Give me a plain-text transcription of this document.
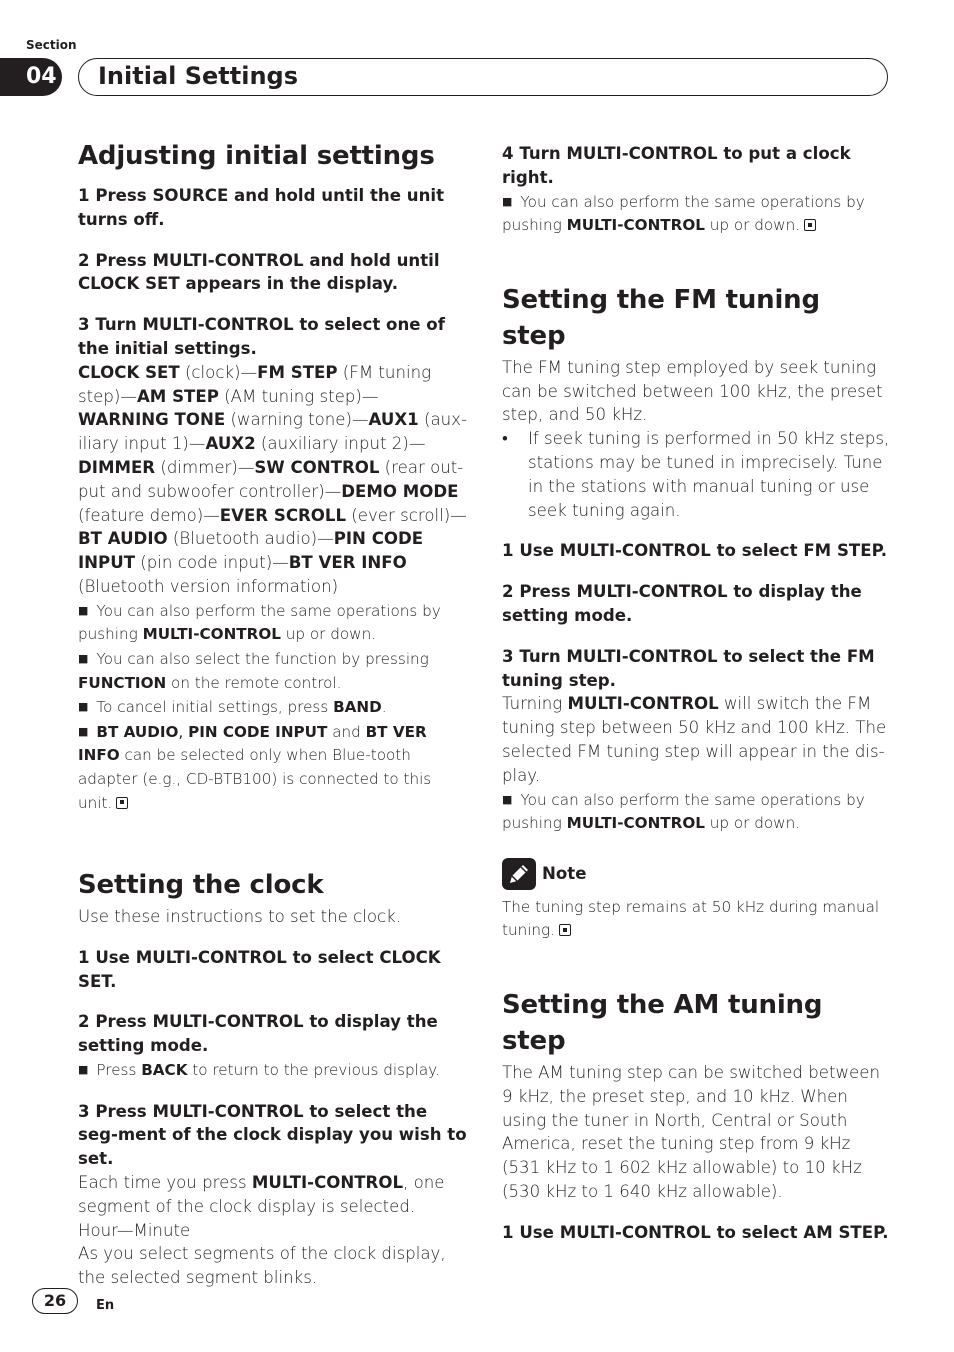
Section
04 Initial Settings
Adjusting initial settings

1 Press SOURCE and hold until the unit turns off.

2 Press MULTI-CONTROL and hold until CLOCK SET appears in the display.

3 Turn MULTI-CONTROL to select one of the initial settings.

CLOCK SET (clock)—FM STEP (FM tuning step)—AM STEP (AM tuning step)—WARNING TONE (warning tone)—AUX1 (aux-iliary input 1)—AUX2 (auxiliary input 2)—DIMMER (dimmer)—SW CONTROL (rear out-put and subwoofer controller)—DEMO MODE (feature demo)—EVER SCROLL (ever scroll)—BT AUDIO (Bluetooth audio)—PIN CODE INPUT (pin code input)—BT VER INFO (Bluetooth version information)

■ You can also perform the same operations by pushing MULTI-CONTROL up or down.

■ You can also select the function by pressing FUNCTION on the remote control.

■ To cancel initial settings, press BAND.

■ BT AUDIO, PIN CODE INPUT and BT VER INFO can be selected only when Blue-tooth adapter (e.g., CD-BTB100) is connected to this unit.

Setting the clock

Use these instructions to set the clock.

1 Use MULTI-CONTROL to select CLOCK SET.

2 Press MULTI-CONTROL to display the setting mode.

■ Press BACK to return to the previous display.

3 Press MULTI-CONTROL to select the seg-ment of the clock display you wish to set.

Each time you press MULTI-CONTROL, one segment of the clock display is selected.

Hour—Minute

As you select segments of the clock display, the selected segment blinks.

4 Turn MULTI-CONTROL to put a clock right.

■ You can also perform the same operations by pushing MULTI-CONTROL up or down.

Setting the FM tuning step

The FM tuning step employed by seek tuning can be switched between 100 kHz, the preset step, and 50 kHz.

• If seek tuning is performed in 50 kHz steps, stations may be tuned in imprecisely. Tune in the stations with manual tuning or use seek tuning again.

1 Use MULTI-CONTROL to select FM STEP.

2 Press MULTI-CONTROL to display the setting mode.

3 Turn MULTI-CONTROL to select the FM tuning step.

Turning MULTI-CONTROL will switch the FM tuning step between 50 kHz and 100 kHz. The selected FM tuning step will appear in the dis-play.

■ You can also perform the same operations by pushing MULTI-CONTROL up or down.

Note

The tuning step remains at 50 kHz during manual tuning.

Setting the AM tuning step

The AM tuning step can be switched between 9 kHz, the preset step, and 10 kHz. When using the tuner in North, Central or South America, reset the tuning step from 9 kHz (531 kHz to 1 602 kHz allowable) to 10 kHz (530 kHz to 1 640 kHz allowable).

1 Use MULTI-CONTROL to select AM STEP.

26	En
